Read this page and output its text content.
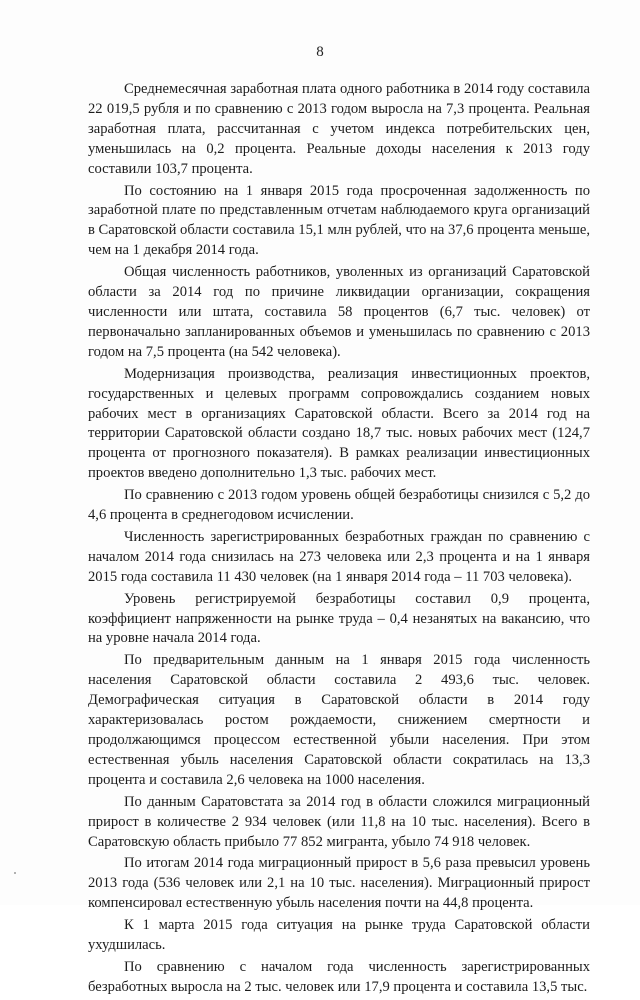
8

Среднемесячная заработная плата одного работника в 2014 году составила 22 019,5 рубля и по сравнению с 2013 годом выросла на 7,3 процента. Реальная заработная плата, рассчитанная с учетом индекса потребительских цен, уменьшилась на 0,2 процента. Реальные доходы населения к 2013 году составили 103,7 процента.

По состоянию на 1 января 2015 года просроченная задолженность по заработной плате по представленным отчетам наблюдаемого круга организаций в Саратовской области составила 15,1 млн рублей, что на 37,6 процента меньше, чем на 1 декабря 2014 года.

Общая численность работников, уволенных из организаций Саратовской области за 2014 год по причине ликвидации организации, сокращения численности или штата, составила 58 процентов (6,7 тыс. человек) от первоначально запланированных объемов и уменьшилась по сравнению с 2013 годом на 7,5 процента (на 542 человека).

Модернизация производства, реализация инвестиционных проектов, государственных и целевых программ сопровождались созданием новых рабочих мест в организациях Саратовской области. Всего за 2014 год на территории Саратовской области создано 18,7 тыс. новых рабочих мест (124,7 процента от прогнозного показателя). В рамках реализации инвестиционных проектов введено дополнительно 1,3 тыс. рабочих мест.

По сравнению с 2013 годом уровень общей безработицы снизился с 5,2 до 4,6 процента в среднегодовом исчислении.

Численность зарегистрированных безработных граждан по сравнению с началом 2014 года снизилась на 273 человека или 2,3 процента и на 1 января 2015 года составила 11 430 человек (на 1 января 2014 года – 11 703 человека).

Уровень регистрируемой безработицы составил 0,9 процента, коэффициент напряженности на рынке труда – 0,4 незанятых на вакансию, что на уровне начала 2014 года.

По предварительным данным на 1 января 2015 года численность населения Саратовской области составила 2 493,6 тыс. человек. Демографическая ситуация в Саратовской области в 2014 году характеризовалась ростом рождаемости, снижением смертности и продолжающимся процессом естественной убыли населения. При этом естественная убыль населения Саратовской области сократилась на 13,3 процента и составила 2,6 человека на 1000 населения.

По данным Саратовстата за 2014 год в области сложился миграционный прирост в количестве 2 934 человек (или 11,8 на 10 тыс. населения). Всего в Саратовскую область прибыло 77 852 мигранта, убыло 74 918 человек.

По итогам 2014 года миграционный прирост в 5,6 раза превысил уровень 2013 года (536 человек или 2,1 на 10 тыс. населения). Миграционный прирост компенсировал естественную убыль населения почти на 44,8 процента.

К 1 марта 2015 года ситуация на рынке труда Саратовской области ухудшилась.

По сравнению с началом года численность зарегистрированных безработных выросла на 2 тыс. человек или 17,9 процента и составила 13,5 тыс.
